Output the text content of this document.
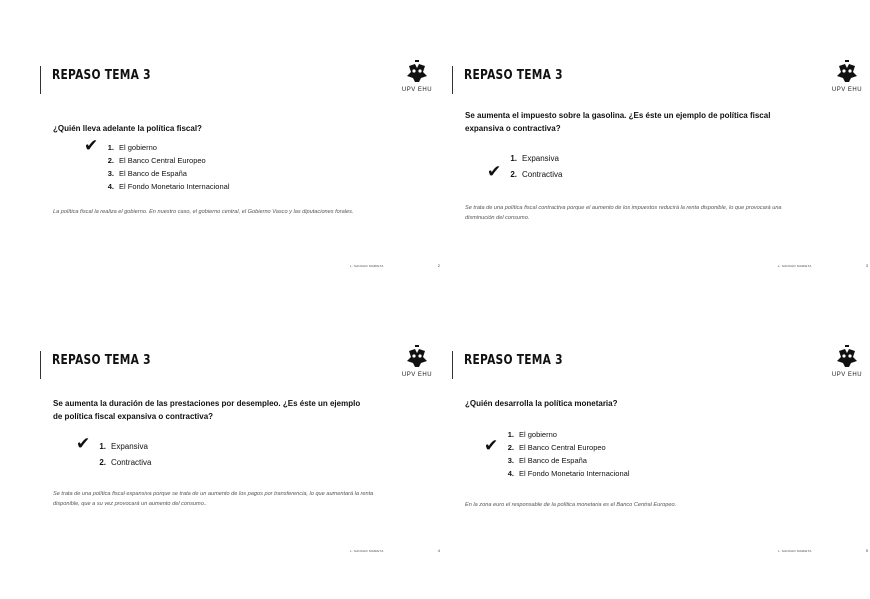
REPASO TEMA 3
UPV EHU
¿Quién lleva adelante la política fiscal?
✔ 1. El gobierno
2. El Banco Central Europeo
3. El Banco de España
4. El Fondo Monetario Internacional
La política fiscal la realiza el gobierno. En nuestro caso, el gobierno central, el Gobierno Vasco y las diputaciones forales.
L. SANCHO MARIETA	2
REPASO TEMA 3
UPV EHU
Se aumenta el impuesto sobre la gasolina. ¿Es éste un ejemplo de política fiscal expansiva o contractiva?
1. Expansiva
✔ 2. Contractiva
Se trata de una política fiscal contractiva porque el aumento de los impuestos reducirá la renta disponible, lo que provocará una disminución del consumo.
L. SANCHO MARIETA	3
REPASO TEMA 3
UPV EHU
Se aumenta la duración de las prestaciones por desempleo. ¿Es éste un ejemplo de política fiscal expansiva o contractiva?
✔ 1. Expansiva
2. Contractiva
Se trata de una política fiscal expansiva porque se trata de un aumento de los pagos por transferencia, lo que aumentará la renta disponible, que a su vez provocará un aumento del consumo..
L. SANCHO MARIETA	4
REPASO TEMA 3
UPV EHU
¿Quién desarrolla la política monetaria?
1. El gobierno
✔ 2. El Banco Central Europeo
3. El Banco de España
4. El Fondo Monetario Internacional
En la zona euro el responsable de la política monetaria es el Banco Central Europeo.
L. SANCHO MARIETA	5
